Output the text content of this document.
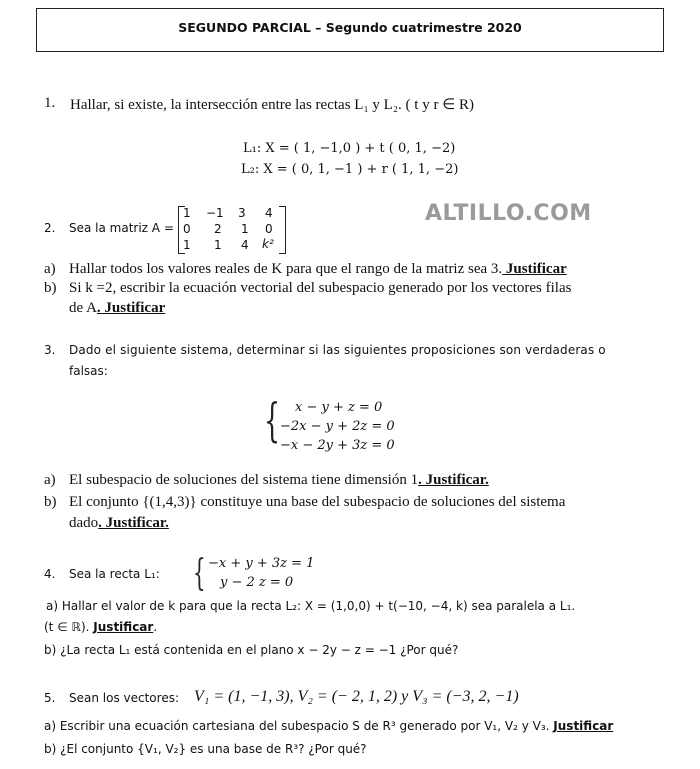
SEGUNDO PARCIAL – Segundo cuatrimestre 2020
1. Hallar, si existe, la intersección entre las rectas L₁ y L₂. ( t y r ∈ R)
L₁: X = ( 1, −1,0 ) + t ( 0, 1, −2)
L₂: X = ( 0, 1, −1 ) + r ( 1, 1, −2)
2. Sea la matriz A =
1 −1 3 4
0 2 1 0
1 1 4 k²
ALTILLO.COM
a) Hallar todos los valores reales de K para que el rango de la matriz sea 3. Justificar
b) Si k =2, escribir la ecuación vectorial del subespacio generado por los vectores filas
de A. Justificar
3. Dado el siguiente sistema, determinar si las siguientes proposiciones son verdaderas o
falsas:
{ x − y + z = 0
−2x − y + 2z = 0
−x − 2y + 3z = 0
a) El subespacio de soluciones del sistema tiene dimensión 1. Justificar.
b) El conjunto {(1,4,3)} constituye una base del subespacio de soluciones del sistema
dado. Justificar.
4. Sea la recta L₁: { −x + y + 3z = 1
y − 2 z = 0
a) Hallar el valor de k para que la recta L₂: X = (1,0,0) + t(−10, −4, k) sea paralela a L₁.
(t ∈ ℝ). Justificar.
b) ¿La recta L₁ está contenida en el plano x − 2y − z = −1 ¿Por qué?
5. Sean los vectores: V₁ = (1, −1, 3), V₂ = (− 2, 1, 2) y V₃ = (−3, 2, −1)
a) Escribir una ecuación cartesiana del subespacio S de R³ generado por V₁, V₂ y V₃. Justificar
b) ¿El conjunto {V₁, V₂} es una base de R³? ¿Por qué?
